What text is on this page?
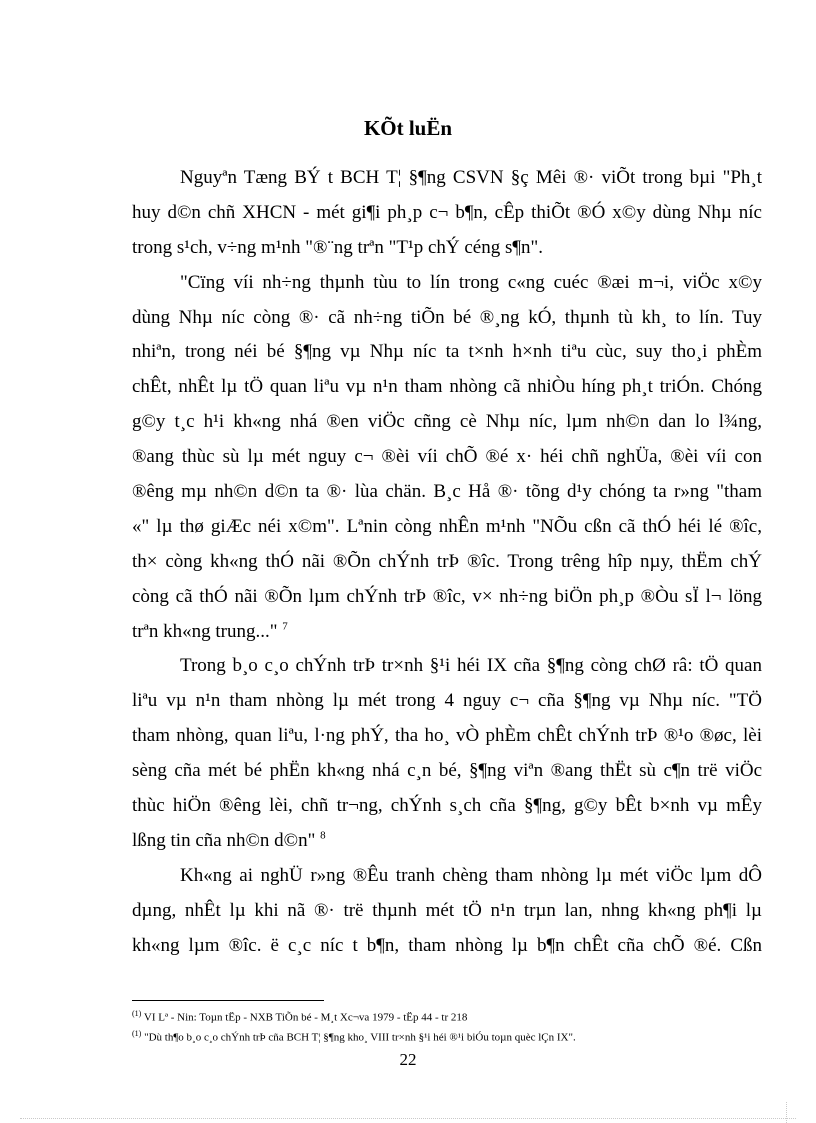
KÕt luËn
Nguyªn Tæng BÝ t BCH T¦ §¶ng CSVN §ç Mêi ®· viÕt trong bµi "Ph¸t
huy d©n chñ XHCN - mét gi¶i ph¸p c¬ b¶n, cÊp thiÕt ®Ó x©y dùng Nhµ níc
trong s¹ch, v÷ng m¹nh "®¨ng trªn "T¹p chÝ céng s¶n".
"Cïng víi nh÷ng thµnh tùu to lín trong c«ng cuéc ®æi m¬i, viÖc x©y
dùng Nhµ níc còng ®· cã nh÷ng tiÕn bé ®¸ng kÓ, thµnh tù kh¸ to lín. Tuy
nhiªn, trong néi bé §¶ng vµ Nhµ níc ta t×nh h×nh tiªu cùc, suy tho¸i phÈm
chÊt, nhÊt lµ tÖ quan liªu vµ n¹n tham nhòng cã nhiÒu híng ph¸t triÓn. Chóng
g©y t¸c h¹i kh«ng nhá ®en viÖc cñng cè Nhµ níc, lµm nh©n dan lo l¾ng,
®ang thùc sù lµ mét nguy c¬ ®èi víi chÕ ®é x· héi chñ nghÜa, ®èi víi con
®êng mµ nh©n d©n ta ®· lùa chän. B¸c Hå ®· tõng d¹y chóng ta r»ng "tham
«" lµ thø giÆc néi x©m". Lªnin còng nhÊn m¹nh "NÕu cßn cã thÓ héi lé ®îc,
th× còng kh«ng thÓ nãi ®Õn chÝnh trÞ ®îc. Trong trêng hîp nµy, thËm chÝ
còng cã thÓ nãi ®Õn lµm chÝnh trÞ ®îc, v× nh÷ng biÖn ph¸p ®Òu sÏ l¬ löng
trªn kh«ng trung..." $^7$
Trong b¸o c¸o chÝnh trÞ tr×nh §¹i héi IX cña §¶ng còng chØ râ: tÖ quan
liªu vµ n¹n tham nhòng lµ mét trong 4 nguy c¬ cña §¶ng vµ Nhµ níc. "TÖ
tham nhòng, quan liªu, l·ng phÝ, tha ho¸ vÒ phÈm chÊt chÝnh trÞ ®¹o ®øc, lèi
sèng cña mét bé phËn kh«ng nhá c¸n bé, §¶ng viªn ®ang thËt sù c¶n trë viÖc
thùc hiÖn ®êng lèi, chñ tr¬ng, chÝnh s¸ch cña §¶ng, g©y bÊt b×nh vµ mÊy
lßng tin cña nh©n d©n" $^8$
Kh«ng ai nghÜ r»ng ®Êu tranh chèng tham nhòng lµ mét viÖc lµm dÔ
dµng, nhÊt lµ khi nã ®· trë thµnh mét tÖ n¹n trµn lan, nhng kh«ng ph¶i lµ
kh«ng lµm ®îc. ë c¸c níc t b¶n, tham nhòng lµ b¶n chÊt cña chÕ ®é. Cßn
$^{(1)}$ VI Lª - Nin: Toµn tËp - NXB TiÕn bé - M¸t Xc¬va 1979 - tËp 44 - tr 218
$^{(1)}$ "Dù th¶o b¸o c¸o chÝnh trÞ cña BCH T¦ §¶ng kho¸ VIII tr×nh §¹i héi ®¹i biÓu toµn quèc lÇn IX".
22
